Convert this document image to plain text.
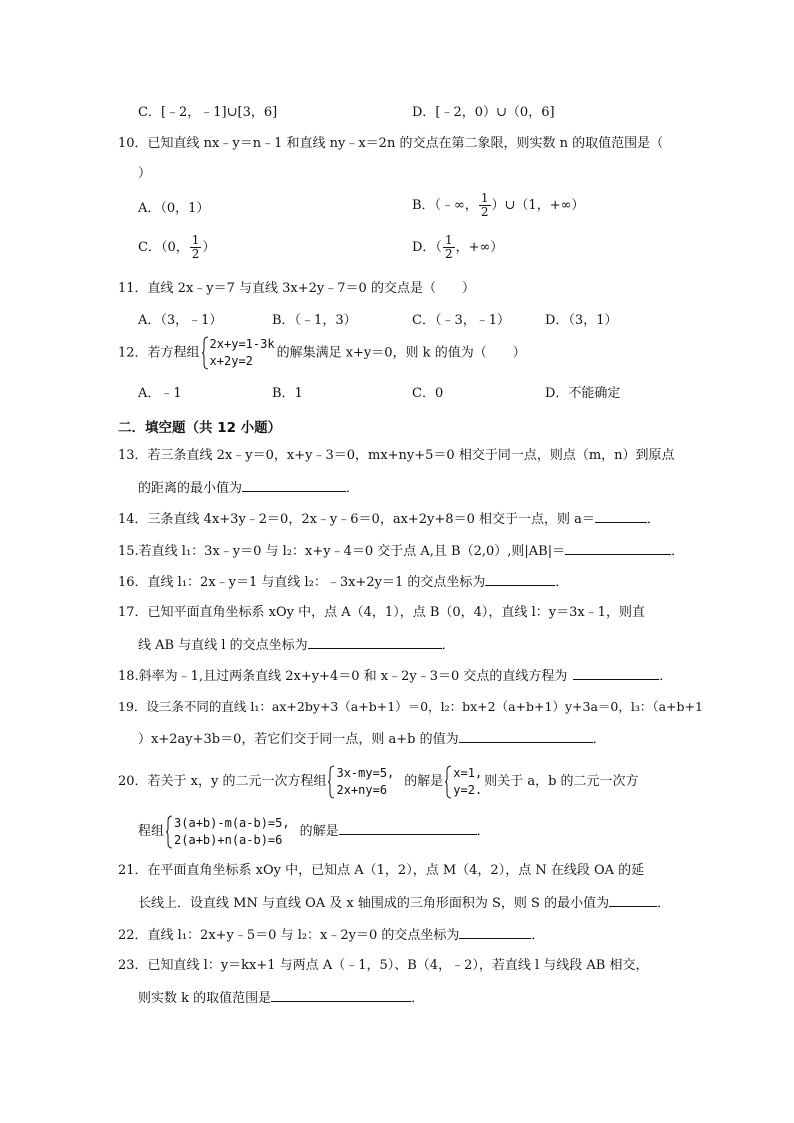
C．[﹣2，﹣1]∪[3，6]	D．[﹣2，0）∪（0，6]
10．已知直线 nx﹣y＝n﹣1 和直线 ny﹣x＝2n 的交点在第二象限，则实数 n 的取值范围是（
）
A．（0，1）	B．（﹣∞， $\frac{1}{2}$ ）∪（1，+∞）
C．（0， $\frac{1}{2}$ ）	D．（ $\frac{1}{2}$ ，+∞）
11．直线 2x﹣y＝7 与直线 3x+2y﹣7＝0 的交点是（　　）
A．（3，﹣1）	B．（﹣1，3）	C．（﹣3，﹣1）	D．（3，1）
12．若方程组
2x+y=1-3k
x+2y=2
的解集满足 x+y＝0，则 k 的值为（　　）
A．﹣1	B．1	C．0	D．不能确定
二．填空题（共 12 小题）
13．若三条直线 2x﹣y＝0，x+y﹣3＝0，mx+ny+5＝0 相交于同一点，则点（m，n）到原点
的距离的最小值为	．
14．三条直线 4x+3y﹣2＝0，2x﹣y﹣6＝0，ax+2y+8＝0 相交于一点，则 a＝	．
15.若直线 l₁：3x﹣y＝0 与 l₂：x+y﹣4＝0 交于点 A,且 B（2,0）,则|AB|＝	．
16．直线 l₁：2x﹣y＝1 与直线 l₂：﹣3x+2y＝1 的交点坐标为	．
17．已知平面直角坐标系 xOy 中，点 A（4，1），点 B（0，4），直线 l：y＝3x﹣1，则直
线 AB 与直线 l 的交点坐标为	．
18.斜率为﹣1,且过两条直线 2x+y+4＝0 和 x﹣2y﹣3＝0 交点的直线方程为	．
19．设三条不同的直线 l₁：ax+2by+3（a+b+1）＝0，l₂：bx+2（a+b+1）y+3a＝0，l₃：（a+b+1
）x+2ay+3b＝0，若它们交于同一点，则 a+b 的值为	．
20．若关于 x，y 的二元一次方程组
3x-my=5,
2x+ny=6
的解是
x=1,
y=2.
则关于 a，b 的二元一次方
程组
3(a+b)-m(a-b)=5,
2(a+b)+n(a-b)=6
的解是	．
21．在平面直角坐标系 xOy 中，已知点 A（1，2），点 M（4，2），点 N 在线段 OA 的延
长线上．设直线 MN 与直线 OA 及 x 轴围成的三角形面积为 S，则 S 的最小值为	．
22．直线 l₁：2x+y﹣5＝0 与 l₂：x﹣2y＝0 的交点坐标为	．
23．已知直线 l：y＝kx+1 与两点 A（﹣1，5）、B（4，﹣2），若直线 l 与线段 AB 相交，
则实数 k 的取值范围是	．
